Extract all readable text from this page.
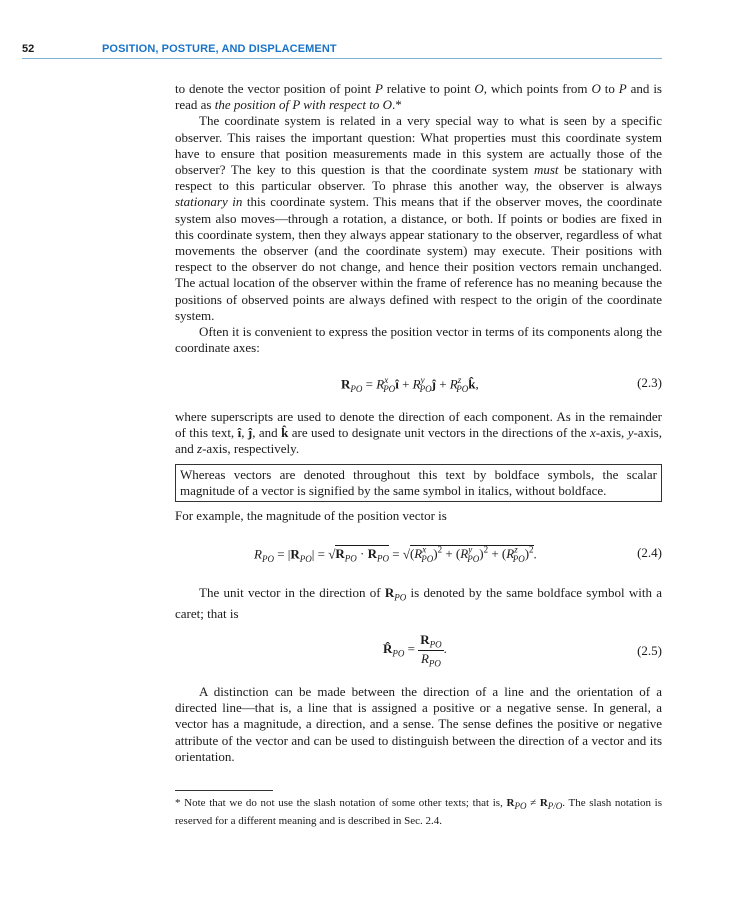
52	POSITION, POSTURE, AND DISPLACEMENT

to denote the vector position of point P relative to point O, which points from O to P and is read as the position of P with respect to O.*

The coordinate system is related in a very special way to what is seen by a specific observer. This raises the important question: What properties must this coordinate system have to ensure that position measurements made in this system are actually those of the observer? The key to this question is that the coordinate system must be stationary with respect to this particular observer. To phrase this another way, the observer is always stationary in this coordinate system. This means that if the observer moves, the coordinate system also moves—through a rotation, a distance, or both. If points or bodies are fixed in this coordinate system, then they always appear stationary to the observer, regardless of what movements the observer (and the coordinate system) may execute. Their positions with respect to the observer do not change, and hence their position vectors remain unchanged. The actual location of the observer within the frame of reference has no meaning because the positions of observed points are always defined with respect to the origin of the coordinate system.

Often it is convenient to express the position vector in terms of its components along the coordinate axes:

$R_{PO}$ = $R^x_{PO}î$ + $R^y_{PO}ĵ$ + $R^z_{PO}k̂$,	(2.3)

where superscripts are used to denote the direction of each component. As in the remainder of this text, î, ĵ, and k̂ are used to designate unit vectors in the directions of the x-axis, y-axis, and z-axis, respectively.

Whereas vectors are denoted throughout this text by boldface symbols, the scalar magnitude of a vector is signified by the same symbol in italics, without boldface.

For example, the magnitude of the position vector is

$R_{PO} = |R_{PO}| = √R_{PO} \cdot R_{PO} = √(R^x_{PO})^2 + (R^y_{PO})^2 + (R^z_{PO})^2$.	(2.4)

The unit vector in the direction of $R_{PO}$ is denoted by the same boldface symbol with a caret; that is

$R̂_{PO} = \frac{R_{PO}}{R_{PO}}$ .	(2.5)

A distinction can be made between the direction of a line and the orientation of a directed line—that is, a line that is assigned a positive or a negative sense. In general, a vector has a magnitude, a direction, and a sense. The sense defines the positive or negative attribute of the vector and can be used to distinguish between the direction of a vector and its orientation.

* Note that we do not use the slash notation of some other texts; that is, $R_{PO} \ne R_{P/O}$. The slash notation is reserved for a different meaning and is described in Sec. 2.4.
